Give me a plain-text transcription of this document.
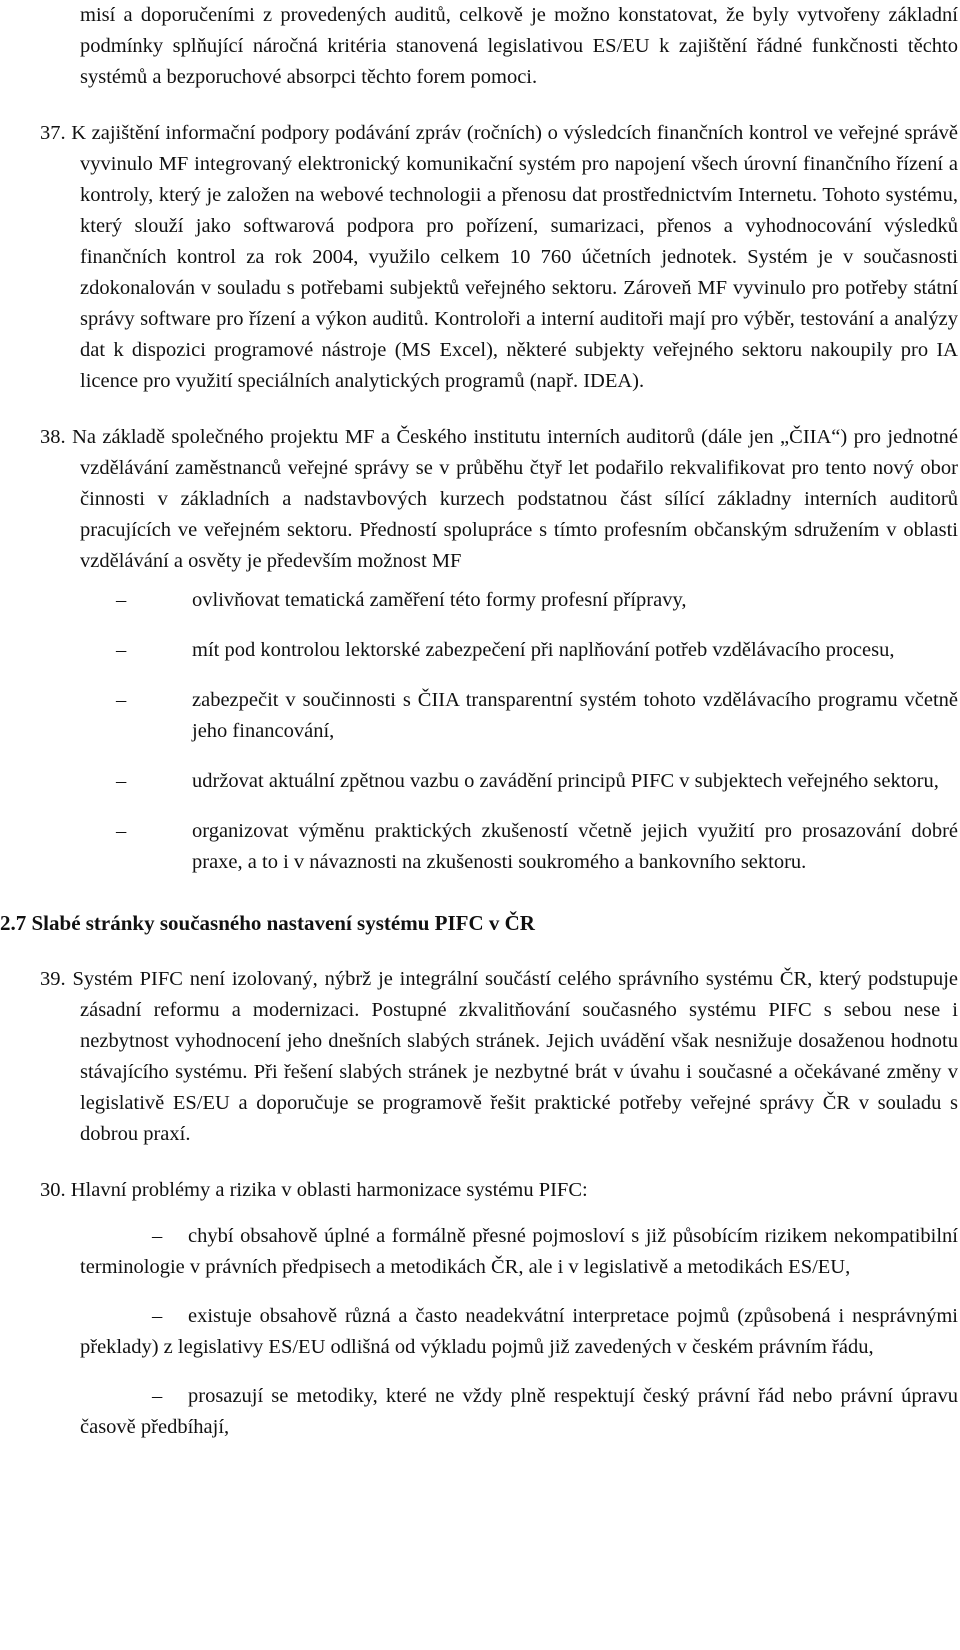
misí a doporučeními z provedených auditů, celkově je možno konstatovat, že byly vytvořeny základní podmínky splňující náročná kritéria stanovená legislativou ES/EU k zajištění řádné funkčnosti těchto systémů a bezporuchové absorpci těchto forem pomoci.

37. K zajištění informační podpory podávání zpráv (ročních) o výsledcích finančních kontrol ve veřejné správě vyvinulo MF integrovaný elektronický komunikační systém pro napojení všech úrovní finančního řízení a kontroly, který je založen na webové technologii a přenosu dat prostřednictvím Internetu. Tohoto systému, který slouží jako softwarová podpora pro pořízení, sumarizaci, přenos a vyhodnocování výsledků finančních kontrol za rok 2004, využilo celkem 10 760 účetních jednotek. Systém je v současnosti zdokonalován v souladu s potřebami subjektů veřejného sektoru. Zároveň MF vyvinulo pro potřeby státní správy software pro řízení a výkon auditů. Kontroloři a interní auditoři mají pro výběr, testování a analýzy dat k dispozici programové nástroje (MS Excel), některé subjekty veřejného sektoru nakoupily pro IA licence pro využití speciálních analytických programů (např. IDEA).

38. Na základě společného projektu MF a Českého institutu interních auditorů (dále jen „ČIIA“) pro jednotné vzdělávání zaměstnanců veřejné správy se v průběhu čtyř let podařilo rekvalifikovat pro tento nový obor činnosti v základních a nadstavbových kurzech podstatnou část sílící základny interních auditorů pracujících ve veřejném sektoru. Předností spolupráce s tímto profesním občanským sdružením v oblasti vzdělávání a osvěty je především možnost MF

–
ovlivňovat tematická zaměření této formy profesní přípravy,
–
mít pod kontrolou lektorské zabezpečení při naplňování potřeb vzdělávacího procesu,
–
zabezpečit v součinnosti s ČIIA transparentní systém tohoto vzdělávacího programu včetně jeho financování,
–
udržovat aktuální zpětnou vazbu o zavádění principů PIFC v subjektech veřejného sektoru,
–
organizovat výměnu praktických zkušeností včetně jejich využití pro prosazování dobré praxe, a to i v návaznosti na zkušenosti soukromého a bankovního sektoru.
2.7 Slabé stránky současného nastavení systému PIFC v ČR

39. Systém PIFC není izolovaný, nýbrž je integrální součástí celého správního systému ČR, který podstupuje zásadní reformu a modernizaci. Postupné zkvalitňování současného systému PIFC s sebou nese i nezbytnost vyhodnocení jeho dnešních slabých stránek. Jejich uvádění však nesnižuje dosaženou hodnotu stávajícího systému. Při řešení slabých stránek je nezbytné brát v úvahu i současné a očekávané změny v legislativě ES/EU a doporučuje se programově řešit praktické potřeby veřejné správy ČR v souladu s dobrou praxí.

30. Hlavní problémy a rizika v oblasti harmonizace systému PIFC:

–chybí obsahově úplné a formálně přesné pojmosloví s již působícím rizikem nekompatibilní terminologie v právních předpisech a metodikách ČR, ale i v legislativě a metodikách ES/EU,
–existuje obsahově různá a často neadekvátní interpretace pojmů (způsobená i nesprávnými překlady) z legislativy ES/EU odlišná od výkladu pojmů již zavedených v českém právním řádu,
–prosazují se metodiky, které ne vždy plně respektují český právní řád nebo právní úpravu časově předbíhají,
